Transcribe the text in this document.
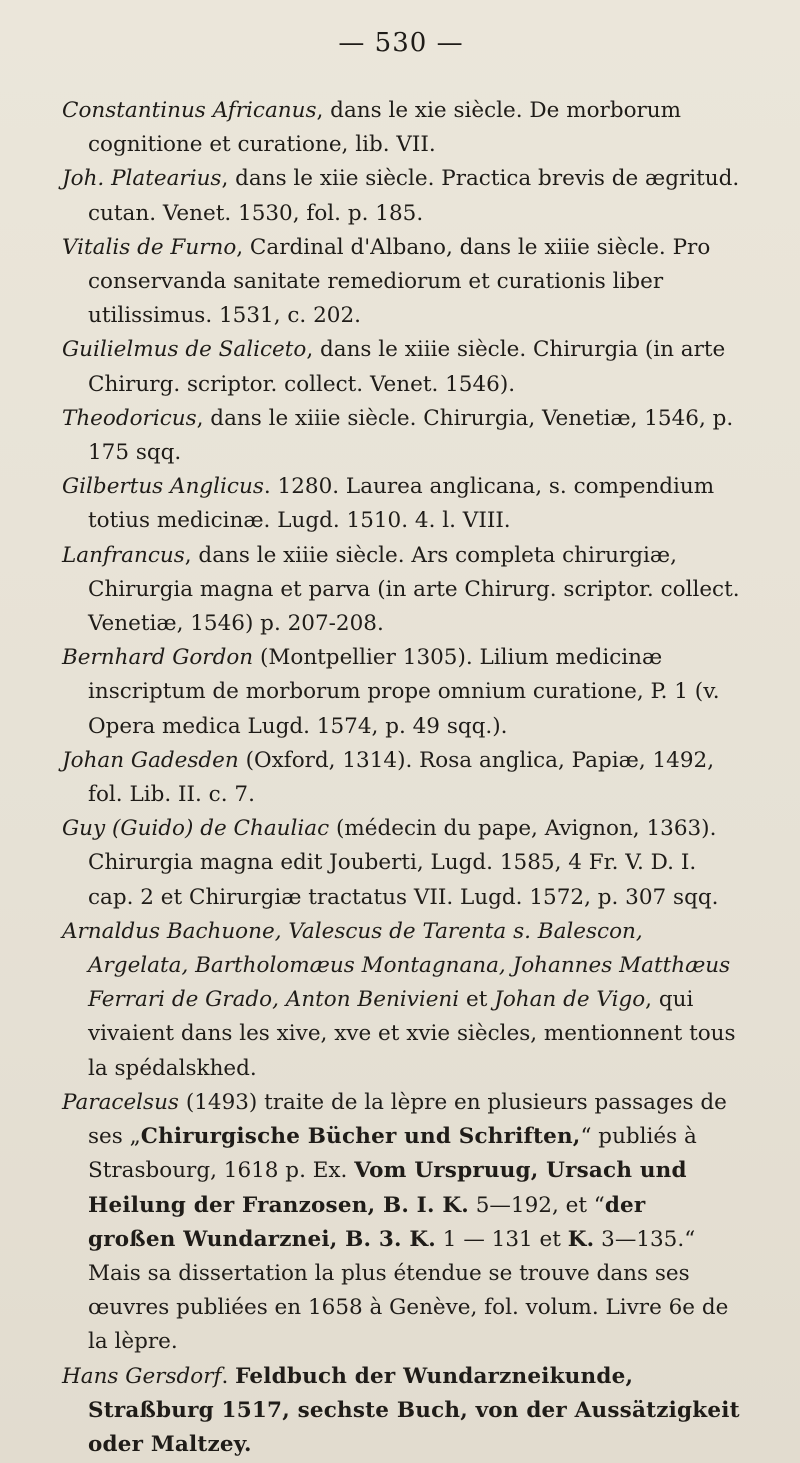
— 530 —

Constantinus Africanus, dans le xie siècle. De morborum cognitione et curatione, lib. VII.

Joh. Platearius, dans le xiie siècle. Practica brevis de ægritud. cutan. Venet. 1530, fol. p. 185.

Vitalis de Furno, Cardinal d'Albano, dans le xiiie siècle. Pro conservanda sanitate remediorum et curationis liber utilissimus. 1531, c. 202.

Guilielmus de Saliceto, dans le xiiie siècle. Chirurgia (in arte Chirurg. scriptor. collect. Venet. 1546).

Theodoricus, dans le xiiie siècle. Chirurgia, Venetiæ, 1546, p. 175 sqq.

Gilbertus Anglicus. 1280. Laurea anglicana, s. compendium totius medicinæ. Lugd. 1510. 4. l. VIII.

Lanfrancus, dans le xiiie siècle. Ars completa chirurgiæ, Chirurgia magna et parva (in arte Chirurg. scriptor. collect. Venetiæ, 1546) p. 207-208.

Bernhard Gordon (Montpellier 1305). Lilium medicinæ inscriptum de morborum prope omnium curatione, P. 1 (v. Opera medica Lugd. 1574, p. 49 sqq.).

Johan Gadesden (Oxford, 1314). Rosa anglica, Papiæ, 1492, fol. Lib. II. c. 7.

Guy (Guido) de Chauliac (médecin du pape, Avignon, 1363). Chirurgia magna edit Jouberti, Lugd. 1585, 4 Fr. V. D. I. cap. 2 et Chirurgiæ tractatus VII. Lugd. 1572, p. 307 sqq.

Arnaldus Bachuone, Valescus de Tarenta s. Balescon, Argelata, Bartholomæus Montagnana, Johannes Matthæus Ferrari de Grado, Anton Benivieni et Johan de Vigo, qui vivaient dans les xive, xve et xvie siècles, mentionnent tous la spédalskhed.

Paracelsus (1493) traite de la lèpre en plusieurs passages de ses „Chirurgische Bücher und Schriften,“ publiés à Strasbourg, 1618 p. Ex. Vom Urspruug, Ursach und Heilung der Franzosen, B. I. K. 5—192, et “der großen Wundarznei, B. 3. K. 1 — 131 et K. 3—135.“ Mais sa dissertation la plus étendue se trouve dans ses œuvres publiées en 1658 à Genève, fol. volum. Livre 6e de la lèpre.

Hans Gersdorf. Feldbuch der Wundarzneikunde, Straßburg 1517, sechste Buch, von der Aussätzigkeit oder Maltzey.
